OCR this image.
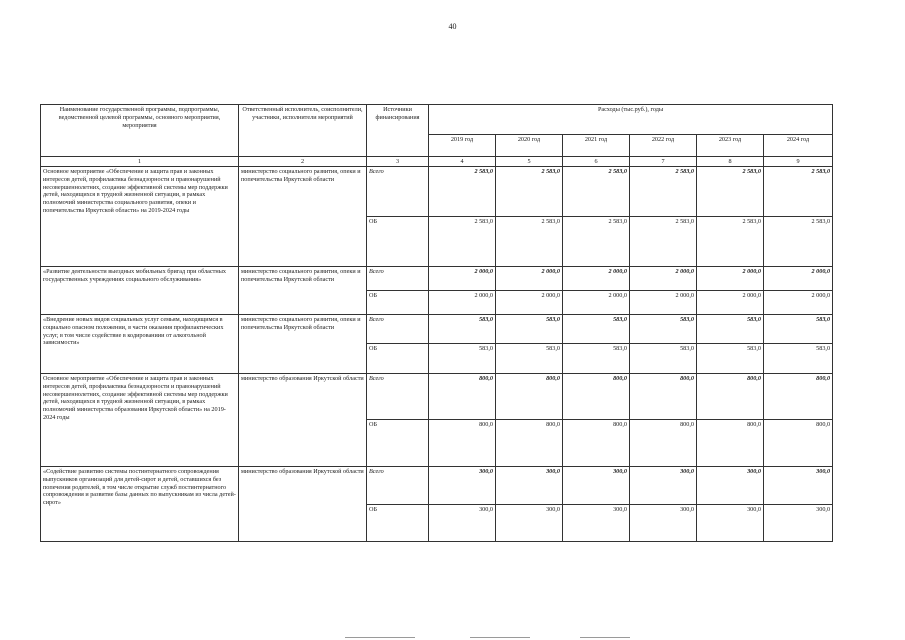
40
Наименование государственной программы, подпрограммы, ведомственной целевой программы, основного мероприятия, мероприятия	Ответственный исполнитель, соисполнители, участники, исполнители мероприятий	Источники финансирования	Расходы (тыс.руб.), годы					
			2019 год	2020 год	2021 год	2022 год	2023 год	2024 год
1	2	3	4	5	6	7	8	9
Основное мероприятие «Обеспечение и защита прав и законных интересов детей, профилактика безнадзорности и правонарушений несовершеннолетних, создание эффективной системы мер поддержки детей, находящихся в трудной жизненной ситуации, в рамках полномочий министерства социального развития, опеки и попечительства Иркутской области» на 2019-2024 годы	министерство социального развития, опеки и попечительства Иркутской области	Всего	2 583,0	2 583,0	2 583,0	2 583,0	2 583,0	2 583,0
		ОБ	2 583,0	2 583,0	2 583,0	2 583,0	2 583,0	2 583,0
«Развитие деятельности выездных мобильных бригад при областных государственных учреждениях социального обслуживания»	министерство социального развития, опеки и попечительства Иркутской области	Всего	2 000,0	2 000,0	2 000,0	2 000,0	2 000,0	2 000,0
		ОБ	2 000,0	2 000,0	2 000,0	2 000,0	2 000,0	2 000,0
«Внедрение новых видов социальных услуг семьям, находящимся в социально опасном положении, в части оказания профилактических услуг, в том числе содействие в кодированиии от алкогольной зависимости»	министерство социального развития, опеки и попечительства Иркутской области	Всего	583,0	583,0	583,0	583,0	583,0	583,0
		ОБ	583,0	583,0	583,0	583,0	583,0	583,0
Основное мероприятие «Обеспечение и защита прав и законных интересов детей, профилактика безнадзорности и правонарушений несовершеннолетних, создание эффективной системы мер поддержки детей, находящихся в трудной жизненной ситуации, в рамках полномочий министерства образования Иркутской области» на 2019-2024 годы	министерство образования Иркутской области	Всего	800,0	800,0	800,0	800,0	800,0	800,0
		ОБ	800,0	800,0	800,0	800,0	800,0	800,0
«Содействие развитию системы постинтернатного сопровождения выпускников организаций для детей-сирот и детей, оставшихся без попечения родителей, в том числе открытие служб постинтернатного сопровождения и развитие базы данных по выпускникам из числа детей-сирот»	министерство образования Иркутской области	Всего	300,0	300,0	300,0	300,0	300,0	300,0
		ОБ	300,0	300,0	300,0	300,0	300,0	300,0
